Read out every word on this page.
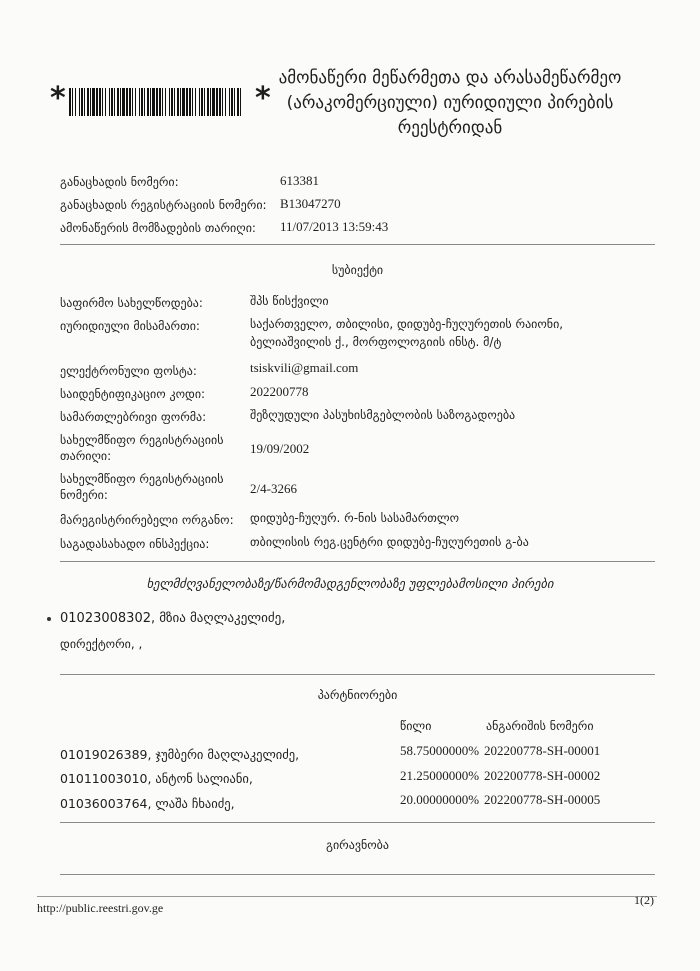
*	*
ამონაწერი მეწარმეთა და არასამეწარმეო
(არაკომერციული) იურიდიული პირების
რეესტრიდან
განაცხადის ნომერი:	613381
განაცხადის რეგისტრაციის ნომერი: B13047270
ამონაწერის მომზადების თარიღი: 11/07/2013 13:59:43
სუბიექტი
საფირმო სახელწოდება:	შპს წისქვილი
იურიდიული მისამართი:	საქართველო, თბილისი, დიდუბე-ჩუღურეთის რაიონი,
ბელიაშვილის ქ., მორფოლოგიის ინსტ. მ/ტ
ელექტრონული ფოსტა:	tsiskvili@gmail.com
საიდენტიფიკაციო კოდი:	202200778
სამართლებრივი ფორმა:	შეზღუდული პასუხისმგებლობის საზოგადოება
სახელმწიფო რეგისტრაციის
თარიღი:	19/09/2002
სახელმწიფო რეგისტრაციის
ნომერი:	2/4-3266
მარეგისტრირებელი ორგანო: დიდუბე-ჩუღურ. რ-ნის სასამართლო
საგადასახადო ინსპექცია:	თბილისის რეგ.ცენტრი დიდუბე-ჩუღურეთის გ-ბა
ხელმძღვანელობაზე/წარმომადგენლობაზე უფლებამოსილი პირები
01023008302, მზია მაღლაკელიძე,
დირექტორი, ,
პარტნიორები
წილი	ანგარიშის ნომერი
01019026389, ჯუმბერი მაღლაკელიძე,	58.75000000% 202200778-SH-00001
01011003010, ანტონ სალიანი,	21.25000000% 202200778-SH-00002
01036003764, ლაშა ჩხაიძე,	20.00000000% 202200778-SH-00005
გირავნობა
http://public.reestri.gov.ge
1(2)
